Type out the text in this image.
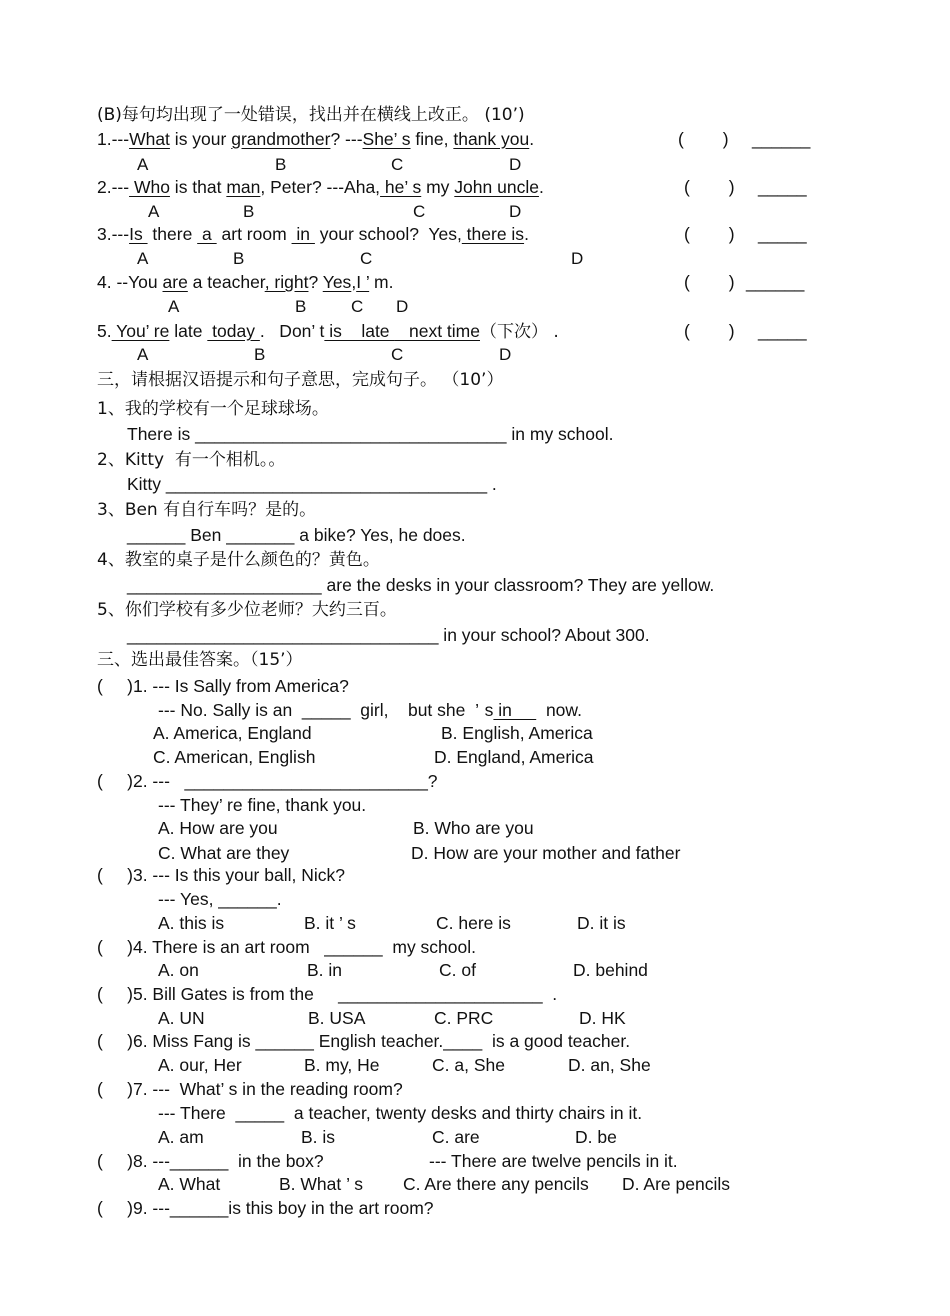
(B)每句均出现了一处错误，找出并在横线上改正。 (10’)
1.---What is your grandmother? ---She’ s fine, thank you.	(        ) ______
A	B	C	D
2.--- Who is that man, Peter? ---Aha, he’ s my John uncle.	(        ) _____
A	B	C	D
3.---Is  there  a  art room  in  your school?  Yes, there is.	(        ) _____
A	B	C	D
4. --You are a teacher, right? Yes,I ’ m.	(        ) ______
A	B	C D
5. You’ re late  today .   Don’ t is    late    next time（下次） .	(        ) _____
A	B	C	D
三，请根据汉语提示和句子意思，完成句子。 （10’）
1、我的学校有一个足球球场。
There is ________________________________ in my school.
2、Kitty  有一个相机。。
Kitty _________________________________ .
3、Ben 有自行车吗？是的。
______ Ben _______ a bike? Yes, he does.
4、教室的桌子是什么颜色的？黄色。
____________________ are the desks in your classroom? They are yellow.
5、你们学校有多少位老师？大约三百。
________________________________ in your school? About 300.
三、选出最佳答案。（15’）
(     )1. --- Is Sally from America?
--- No. Sally is an  _____  girl,    but she  ’ s in       now.
A. America, England	B. English, America
C. American, English	D. England, America
(     )2. ---   _________________________?
--- They’ re fine, thank you.
A. How are you	B. Who are you
C. What are they	D. How are your mother and father
(     )3. --- Is this your ball, Nick?
--- Yes, ______.
A. this is	B. it ’ s	C. here is	D. it is
(     )4. There is an art room   ______  my school.
A. on	B. in	C. of	D. behind
(     )5. Bill Gates is from the     _____________________  .
A. UN	B. USA	C. PRC	D. HK
(     )6. Miss Fang is ______ English teacher.____  is a good teacher.
A. our, Her	B. my, He	C. a, She	D. an, She
(     )7. ---  What’ s in the reading room?
--- There  _____  a teacher, twenty desks and thirty chairs in it.
A. am	B. is	C. are	D. be
(     )8. ---______  in the box?	--- There are twelve pencils in it.
A. What	B. What ’ s C. Are there any pencils D. Are pencils
(     )9. ---______is this boy in the art room?
